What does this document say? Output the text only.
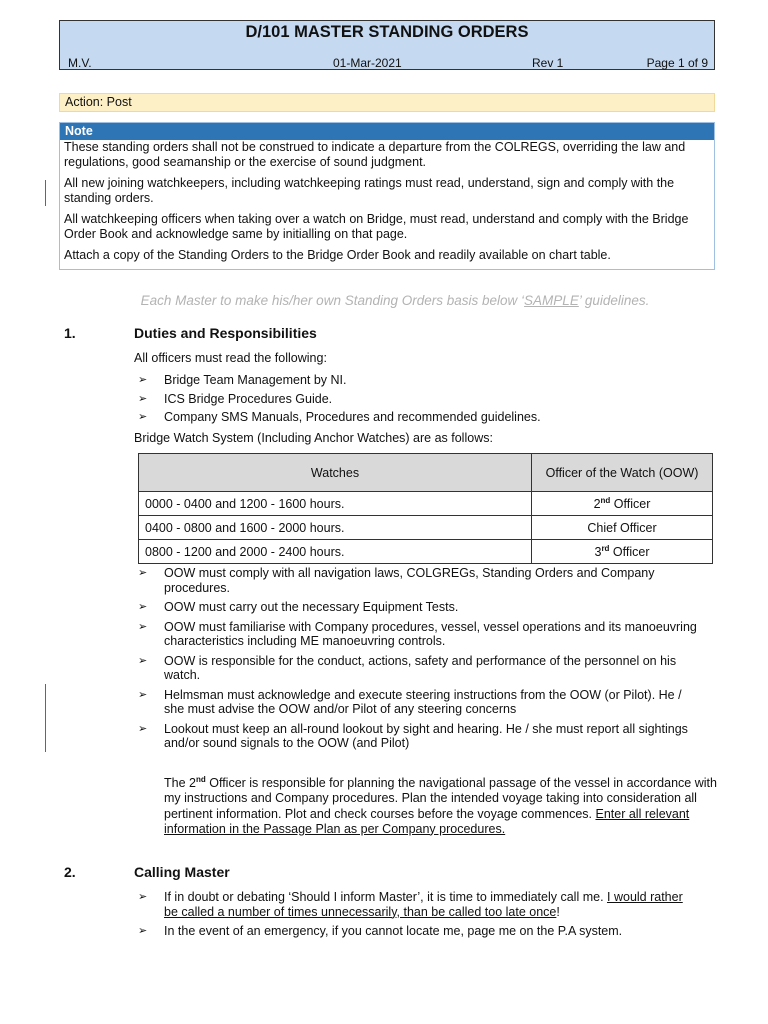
D/101 MASTER STANDING ORDERS
M.V.	01-Mar-2021	Rev 1	Page 1 of 9
Action: Post
Note

These standing orders shall not be construed to indicate a departure from the COLREGS, overriding the law and regulations, good seamanship or the exercise of sound judgment.

All new joining watchkeepers, including watchkeeping ratings must read, understand, sign and comply with the standing orders.

All watchkeeping officers when taking over a watch on Bridge, must read, understand and comply with the Bridge Order Book and acknowledge same by initialling on that page.

Attach a copy of the Standing Orders to the Bridge Order Book and readily available on chart table.

Each Master to make his/her own Standing Orders basis below ‘SAMPLE’ guidelines.
1.	Duties and Responsibilities
All officers must read the following:
➢ Bridge Team Management by NI.
➢ ICS Bridge Procedures Guide.
➢ Company SMS Manuals, Procedures and recommended guidelines.
Bridge Watch System (Including Anchor Watches) are as follows:
Watches	Officer of the Watch (OOW)
0000 - 0400 and 1200 - 1600 hours.	2nd Officer
0400 - 0800 and 1600 - 2000 hours.	Chief Officer
0800 - 1200 and 2000 - 2400 hours.	3rd Officer
➢ OOW must comply with all navigation laws, COLGREGs, Standing Orders and Company procedures.
➢ OOW must carry out the necessary Equipment Tests.
➢ OOW must familiarise with Company procedures, vessel, vessel operations and its manoeuvring characteristics including ME manoeuvring controls.
➢ OOW is responsible for the conduct, actions, safety and performance of the personnel on his watch.
➢ Helmsman must acknowledge and execute steering instructions from the OOW (or Pilot). He / she must advise the OOW and/or Pilot of any steering concerns
➢ Lookout must keep an all-round lookout by sight and hearing. He / she must report all sightings and/or sound signals to the OOW (and Pilot)
The 2nd Officer is responsible for planning the navigational passage of the vessel in accordance with my instructions and Company procedures. Plan the intended voyage taking into consideration all pertinent information. Plot and check courses before the voyage commences. Enter all relevant information in the Passage Plan as per Company procedures.
2.	Calling Master
➢ If in doubt or debating ‘Should I inform Master’, it is time to immediately call me. I would rather be called a number of times unnecessarily, than be called too late once!
➢ In the event of an emergency, if you cannot locate me, page me on the P.A system.
